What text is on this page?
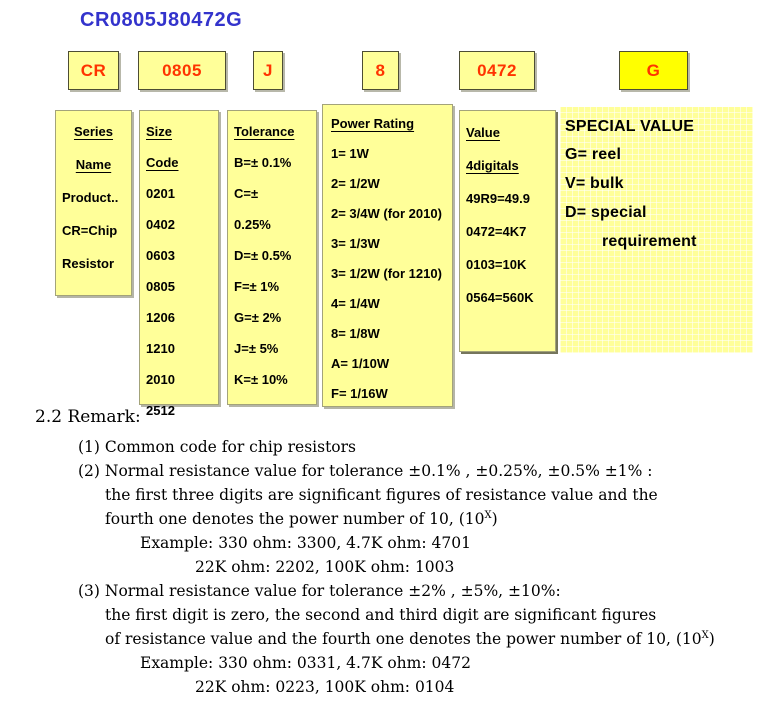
CR0805J80472G
CR	0805	J	8	0472	G
Series
Name
Product..
CR=Chip
Resistor
Size
Code
0201
0402
0603
0805
1206
1210
2010
2512
Tolerance
B=± 0.1%
C=±
0.25%
D=± 0.5%
F=± 1%
G=± 2%
J=± 5%
K=± 10%
Power Rating
1= 1W
2= 1/2W
2= 3/4W (for 2010)
3= 1/3W
3= 1/2W (for 1210)
4= 1/4W
8= 1/8W
A= 1/10W
F= 1/16W
Value
4digitals
49R9=49.9
0472=4K7
0103=10K
0564=560K
SPECIAL VALUE
G= reel
V= bulk
D= special
requirement
2.2 Remark:
(1) Common code for chip resistors
(2) Normal resistance value for tolerance ±0.1% , ±0.25%, ±0.5% ±1% :
the first three digits are significant figures of resistance value and the
fourth one denotes the power number of 10, $(10^X)$
Example: 330 ohm: 3300, 4.7K ohm: 4701
22K ohm: 2202, 100K ohm: 1003
(3) Normal resistance value for tolerance ±2% , ±5%, ±10%:
the first digit is zero, the second and third digit are significant figures
of resistance value and the fourth one denotes the power number of 10, $(10^X)$
Example: 330 ohm: 0331, 4.7K ohm: 0472
22K ohm: 0223, 100K ohm: 0104
